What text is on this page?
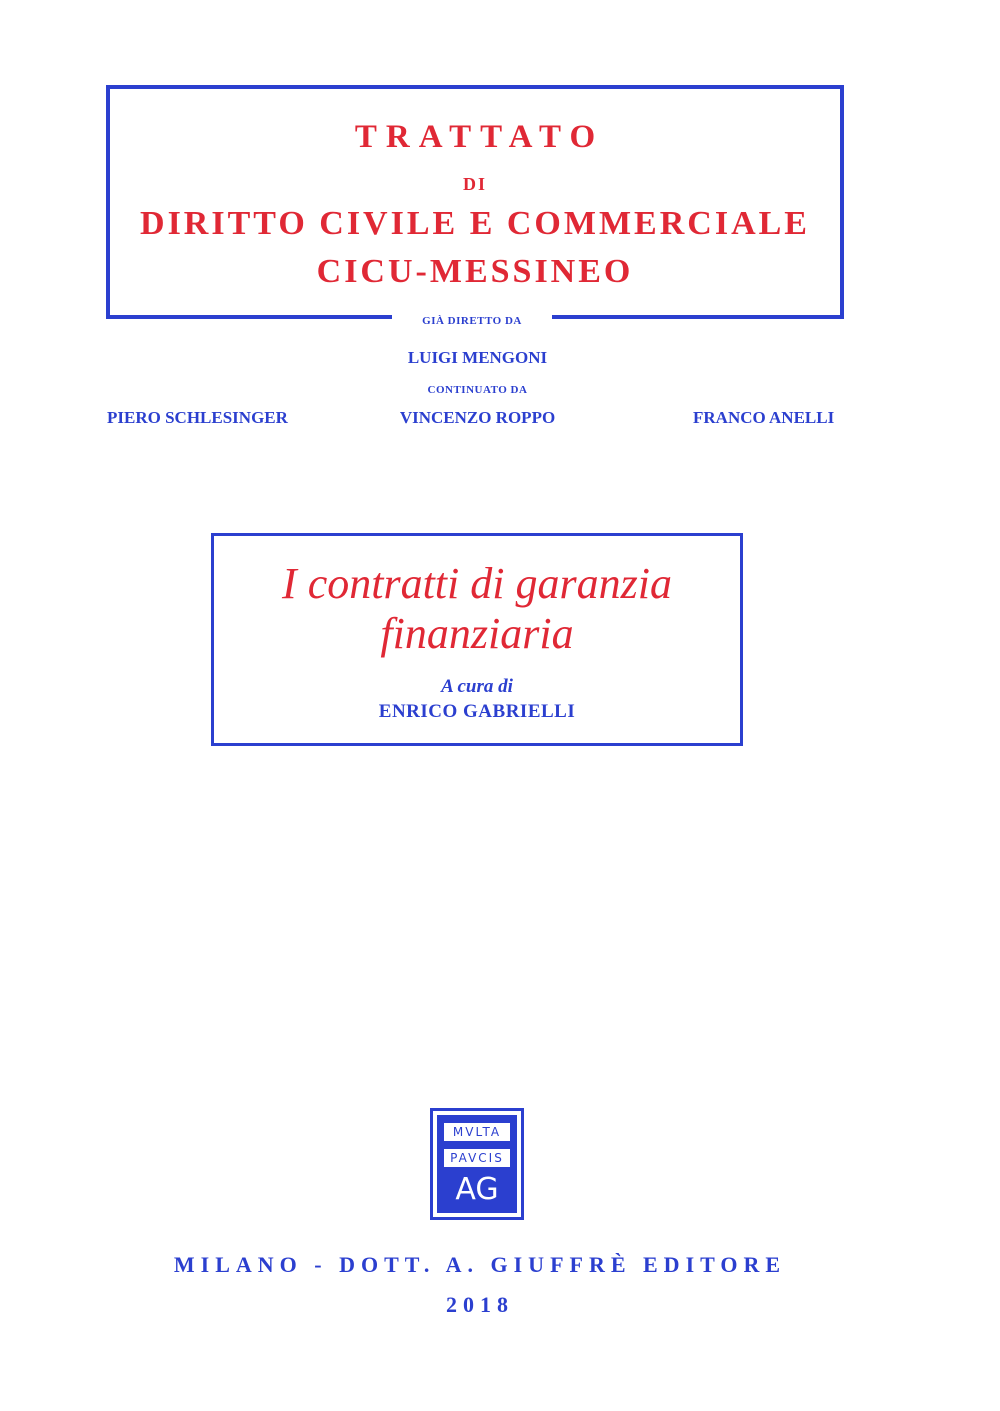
TRATTATO
DI
DIRITTO CIVILE E COMMERCIALE
CICU-MESSINEO
GIÀ DIRETTO DA
LUIGI MENGONI
CONTINUATO DA
PIERO SCHLESINGER	VINCENZO ROPPO	FRANCO ANELLI
I contratti di garanzia
finanziaria
A cura di
ENRICO GABRIELLI
MVLTA
PAVCIS
AG
MILANO - DOTT. A. GIUFFRÈ EDITORE
2018
